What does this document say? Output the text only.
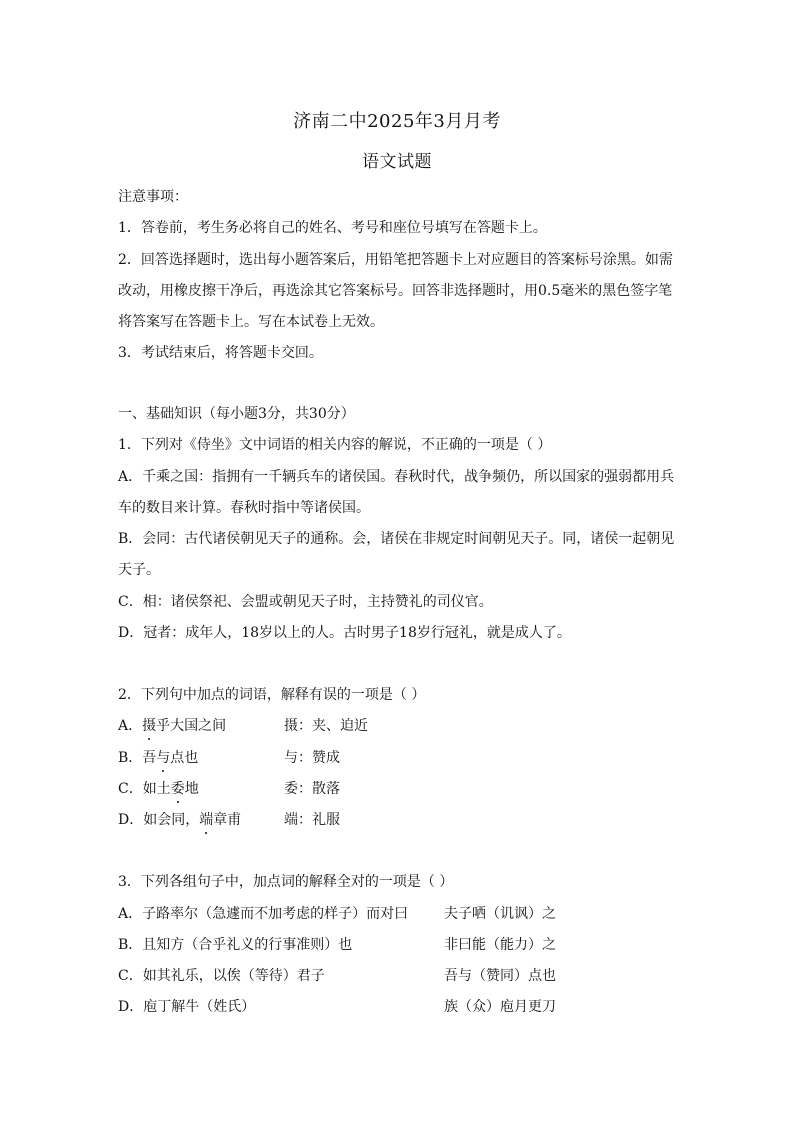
济南二中2025年3月月考
语文试题
注意事项：
1．答卷前，考生务必将自己的姓名、考号和座位号填写在答题卡上。
2．回答选择题时，选出每小题答案后，用铅笔把答题卡上对应题目的答案标号涂黑。如需
改动，用橡皮擦干净后，再选涂其它答案标号。回答非选择题时，用0.5毫米的黑色签字笔
将答案写在答题卡上。写在本试卷上无效。
3．考试结束后，将答题卡交回。
一、基础知识（每小题3分，共30分）
1．下列对《侍坐》文中词语的相关内容的解说，不正确的一项是（ ）
A．千乘之国：指拥有一千辆兵车的诸侯国。春秋时代，战争频仍，所以国家的强弱都用兵
车的数目来计算。春秋时指中等诸侯国。
B．会同：古代诸侯朝见天子的通称。会，诸侯在非规定时间朝见天子。同，诸侯一起朝见
天子。
C．相：诸侯祭祀、会盟或朝见天子时，主持赞礼的司仪官。
D．冠者：成年人，18岁以上的人。古时男子18岁行冠礼，就是成人了。
2．下列句中加点的词语，解释有误的一项是（ ）
A．摄乎大国之间	摄：夹、迫近
B．吾与点也	与：赞成
C．如土委地	委：散落
D．如会同，端章甫	端：礼服
3．下列各组句子中，加点词的解释全对的一项是（ ）
A．子路率尔（急遽而不加考虑的样子）而对曰	夫子哂（讥讽）之
B．且知方（合乎礼义的行事准则）也	非曰能（能力）之
C．如其礼乐，以俟（等待）君子	吾与（赞同）点也
D．庖丁解牛（姓氏）	族（众）庖月更刀
